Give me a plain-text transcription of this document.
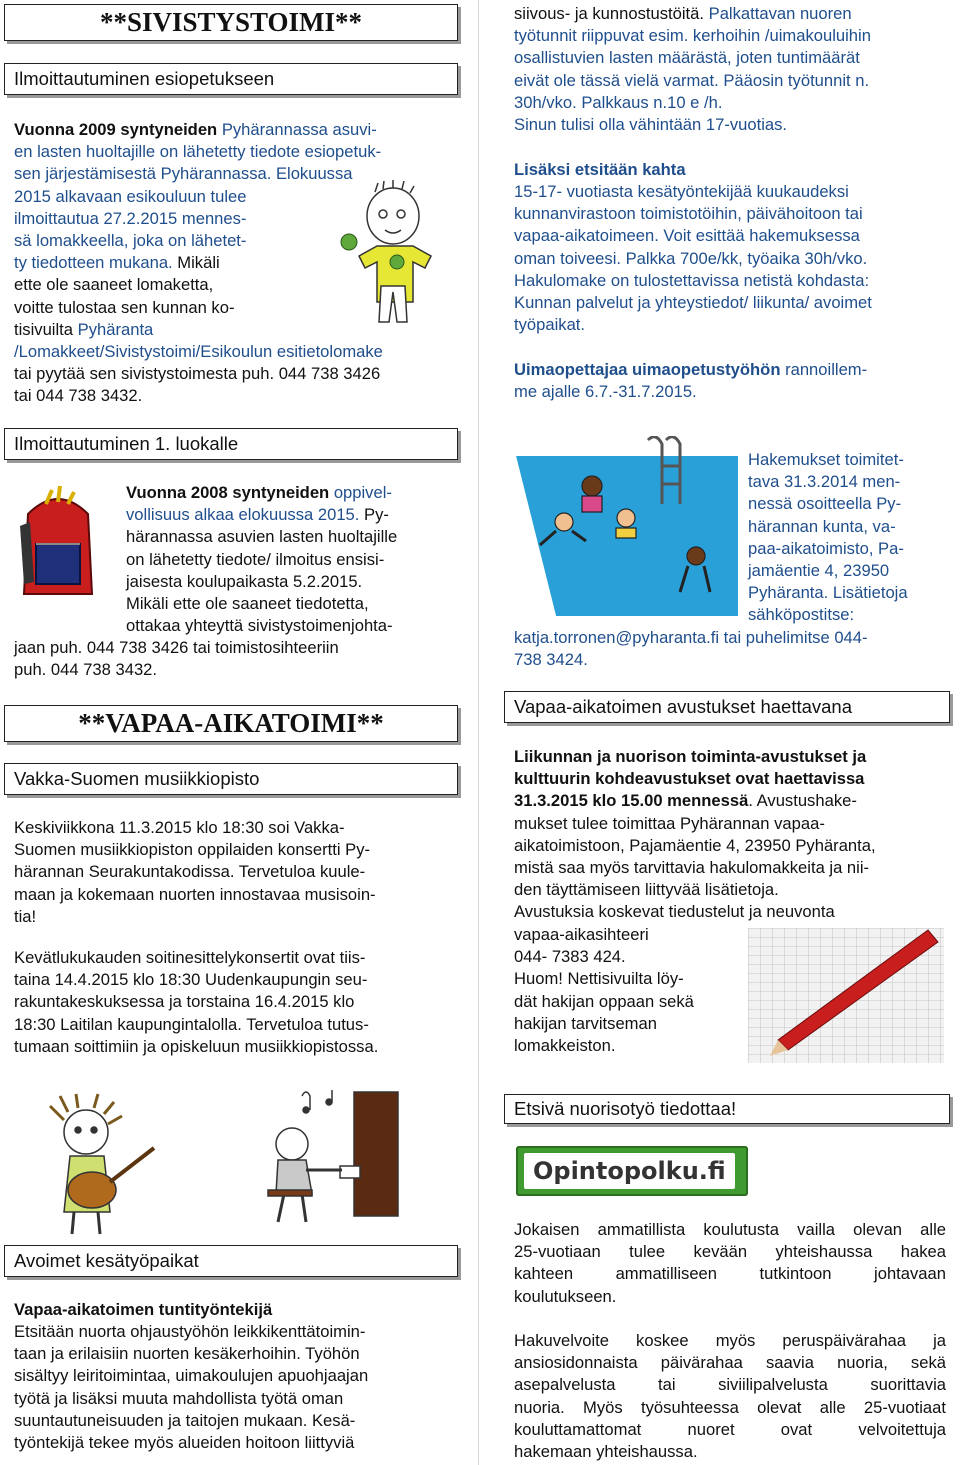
**SIVISTYSTOIMI**
Ilmoittautuminen esiopetukseen
Vuonna 2009 syntyneiden Pyhärannassa asuvi-
en lasten huoltajille on lähetetty tiedote esiopetuk-
sen järjestämisestä Pyhärannassa. Elokuussa
2015 alkavaan esikouluun tulee
ilmoittautua 27.2.2015 mennes-
sä lomakkeella, joka on lähetet-
ty tiedotteen mukana. Mikäli
ette ole saaneet lomaketta,
voitte tulostaa sen kunnan ko-
tisivuilta Pyhäranta
/Lomakkeet/Sivistystoimi/Esikoulun esitietolomake
tai pyytää sen sivistystoimesta puh. 044 738 3426
tai 044 738 3432.
Ilmoittautuminen 1. luokalle
Vuonna 2008 syntyneiden oppivel-
vollisuus alkaa elokuussa 2015. Py-
härannassa asuvien lasten huoltajille
on lähetetty tiedote/ ilmoitus ensisi-
jaisesta koulupaikasta 5.2.2015.
Mikäli ette ole saaneet tiedotetta,
ottakaa yhteyttä sivistystoimenjohta-
jaan puh. 044 738 3426 tai toimistosihteeriin
puh. 044 738 3432.
**VAPAA-AIKATOIMI**
Vakka-Suomen musiikkiopisto
Keskiviikkona 11.3.2015 klo 18:30 soi Vakka-
Suomen musiikkiopiston oppilaiden konsertti Py-
härannan Seurakuntakodissa. Tervetuloa kuule-
maan ja kokemaan nuorten innostavaa musisoin-
tia!
Kevätlukukauden soitinesittelykonsertit ovat tiis-
taina 14.4.2015 klo 18:30 Uudenkaupungin seu-
rakuntakeskuksessa ja torstaina 16.4.2015 klo
18:30 Laitilan kaupungintalolla. Tervetuloa tutus-
tumaan soittimiin ja opiskeluun musiikkiopistossa.
Avoimet kesätyöpaikat
Vapaa-aikatoimen tuntityöntekijä
Etsitään nuorta ohjaustyöhön leikkikenttätoimin-
taan ja erilaisiin nuorten kesäkerhoihin. Työhön
sisältyy leiritoimintaa, uimakoulujen apuohjaajan
työtä ja lisäksi muuta mahdollista työtä oman
suuntautuneisuuden ja taitojen mukaan. Kesä-
työntekijä tekee myös alueiden hoitoon liittyviä
siivous- ja kunnostustöitä. Palkattavan nuoren
työtunnit riippuvat esim. kerhoihin /uimakouluihin
osallistuvien lasten määrästä, joten tuntimäärät
eivät ole tässä vielä varmat. Pääosin työtunnit n.
30h/vko. Palkkaus n.10 e /h.
Sinun tulisi olla vähintään 17-vuotias.
Lisäksi etsitään kahta
15-17- vuotiasta kesätyöntekijää kuukaudeksi
kunnanvirastoon toimistotöihin, päivähoitoon tai
vapaa-aikatoimeen. Voit esittää hakemuksessa
oman toiveesi. Palkka 700e/kk, työaika 30h/vko.
Hakulomake on tulostettavissa netistä kohdasta:
Kunnan palvelut ja yhteystiedot/ liikunta/ avoimet
työpaikat.
Uimaopettajaa uimaopetustyöhön rannoillem-
me ajalle 6.7.-31.7.2015.
Hakemukset toimitet-
tava 31.3.2014 men-
nessä osoitteella Py-
härannan kunta, va-
paa-aikatoimisto, Pa-
jamäentie 4, 23950
Pyhäranta. Lisätietoja
sähköpostitse:
katja.torronen@pyharanta.fi tai puhelimitse 044-
738 3424.
Vapaa-aikatoimen avustukset haettavana
Liikunnan ja nuorison toiminta-avustukset ja
kulttuurin kohdeavustukset ovat haettavissa
31.3.2015 klo 15.00 mennessä. Avustushake-
mukset tulee toimittaa Pyhärannan vapaa-
aikatoimistoon, Pajamäentie 4, 23950 Pyhäranta,
mistä saa myös tarvittavia hakulomakkeita ja nii-
den täyttämiseen liittyvää lisätietoja.
Avustuksia koskevat tiedustelut ja neuvonta
vapaa-aikasihteeri
044- 7383 424.
Huom! Nettisivuilta löy-
dät hakijan oppaan sekä
hakijan tarvitseman
lomakkeiston.
Etsivä nuorisotyö tiedottaa!
Opintopolku.fi
Jokaisen ammatillista koulutusta vailla olevan alle
25-vuotiaan tulee kevään yhteishaussa hakea
kahteen ammatilliseen tutkintoon johtavaan
koulutukseen.
Hakuvelvoite koskee myös peruspäivärahaa ja
ansiosidonnaista päivärahaa saavia nuoria, sekä
asepalvelusta tai siviilipalvelusta suorittavia
nuoria. Myös työsuhteessa olevat alle 25-vuotiaat
kouluttamattomat nuoret ovat velvoitettuja
hakemaan yhteishaussa.
